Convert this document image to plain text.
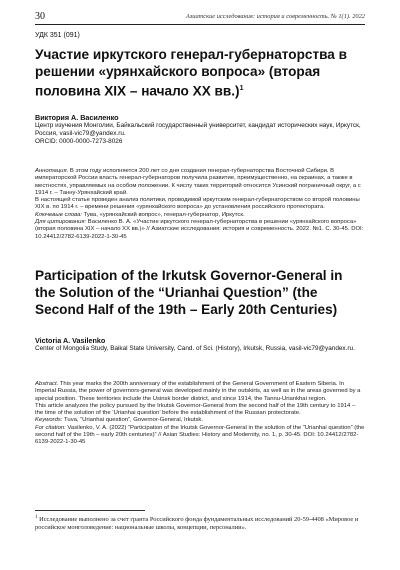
30	Азиатские исследования: история и современность. № 1(1). 2022
УДК 351 (091)
Участие иркутского генерал-губернаторства в решении «урянхайского вопроса» (вторая половина XIX – начало XX вв.)$^1$
Виктория А. Василенко
Центр изучения Монголии, Байкальский государственный университет, кандидат исторических наук, Иркутск, Россия, vasil-vic79@yandex.ru.
ORCID: 0000-0000-7273-8026

Аннотация. В этом году исполняется 200 лет со дня создания генерал-губернаторства Восточной Сибири. В императорской России власть генерал-губернаторов получила развитие, преимущественно, на окраинах, а также в местностях, управляемых на особом положении. К числу таких территорий относится Усинский пограничный округ, а с 1914 г. – Танну-Урянхайский край.

В настоящей статье проведен анализ политики, проводимой иркутским генерал-губернаторством со второй половины XIX в. по 1914 г. – времени решения «урянхайского вопроса» до установления российского протектората.

Ключевые слова: Тува, «урянхайский вопрос», генерал-губернатор, Иркутск.

Для цитирования: Василенко В. А. «Участие иркутского генерал-губернаторства в решении «урянхайского вопроса» (вторая половина XIX – начало XX вв.)» // Азиатские исследования: история и современность. 2022. №1. С. 30-45. DOI: 10.24412/2782-6139-2022-1-30-45

Participation of the Irkutsk Governor-General in the Solution of the “Urianhai Question” (the Second Half of the 19th – Early 20th Centuries)
Victoria A. Vasilenko
Center of Mongolia Study, Baikal State University, Cand. of Sci. (History), Irkutsk, Russia, vasil-vic79@yandex.ru.

Abstract. This year marks the 200th anniversary of the establishment of the General Government of Eastern Siberia. In Imperial Russia, the power of governors-general was developed mainly in the outskirts, as well as in the areas governed by a special position. These territories include the Usinsk border district, and since 1914, the Tannu-Uriankhai region.

This article analyzes the policy pursued by the Irkutsk Governor-General from the second half of the 19th century to 1914 – the time of the solution of the ‘Urianhai question’ before the establishment of the Russian protectorate.

Keywords: Tuva, “Urianhai question”, Governor-General, Irkutsk.

For citation: Vasilenko, V. A. (2022) “Participation of the Irkutsk Governor-General in the solution of the “Urianhai question” (the second half of the 19th – early 20th centuries)” // Asian Studies: History and Modernity, no. 1, p. 30-45. DOI: 10.24412/2782-6139-2022-1-30-45

$^1$ Исследование выполнено за счет гранта Российского фонда фундаментальных исследований 20-59-4408 «Мировое и российское монголоведение: национальные школы, концепции, персоналии».
